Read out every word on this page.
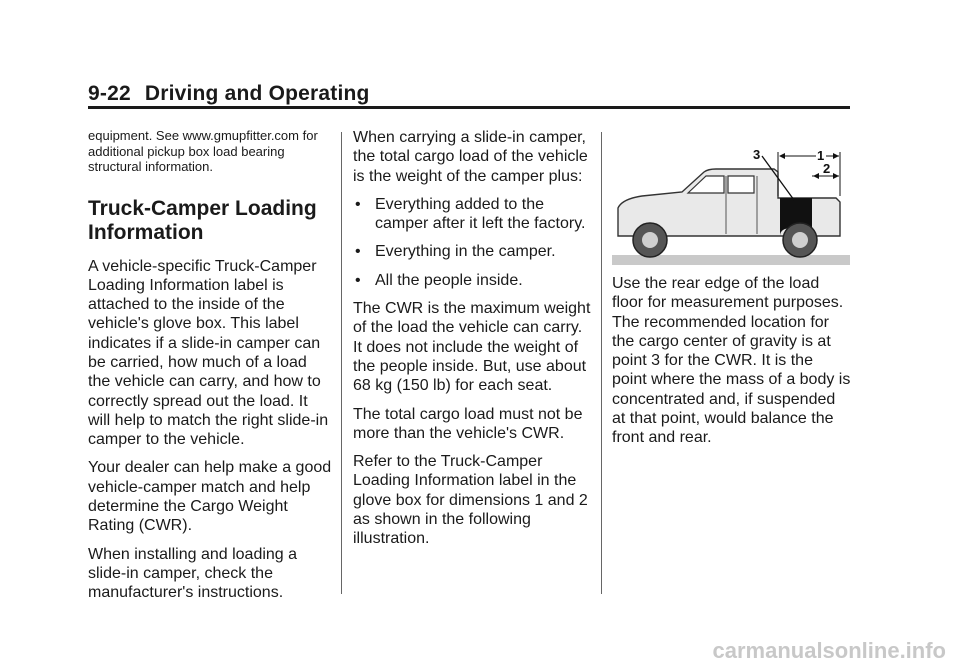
9-22 Driving and Operating

equipment. See www.gmupfitter.com for additional pickup box load bearing structural information.

Truck-Camper Loading Information

A vehicle-specific Truck-Camper Loading Information label is attached to the inside of the vehicle's glove box. This label indicates if a slide-in camper can be carried, how much of a load the vehicle can carry, and how to correctly spread out the load. It will help to match the right slide-in camper to the vehicle.

Your dealer can help make a good vehicle-camper match and help determine the Cargo Weight Rating (CWR).

When installing and loading a slide-in camper, check the manufacturer's instructions.

When carrying a slide-in camper, the total cargo load of the vehicle is the weight of the camper plus:

• Everything added to the camper after it left the factory.
• Everything in the camper.
• All the people inside.

The CWR is the maximum weight of the load the vehicle can carry. It does not include the weight of the people inside. But, use about 68 kg (150 lb) for each seat.

The total cargo load must not be more than the vehicle's CWR.

Refer to the Truck-Camper Loading Information label in the glove box for dimensions 1 and 2 as shown in the following illustration.

3	1
2

Use the rear edge of the load floor for measurement purposes. The recommended location for the cargo center of gravity is at point 3 for the CWR. It is the point where the mass of a body is concentrated and, if suspended at that point, would balance the front and rear.

carmanualsonline.info
